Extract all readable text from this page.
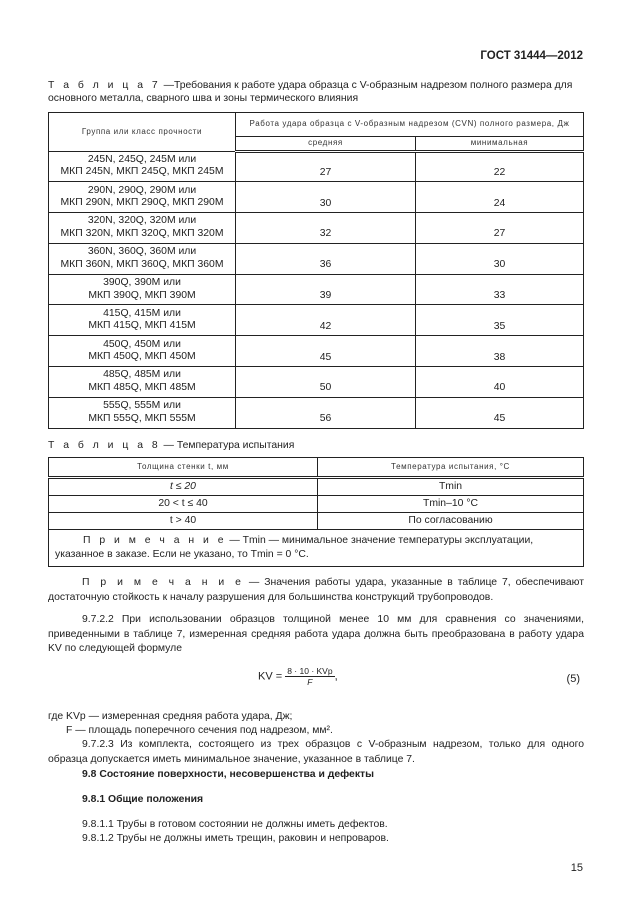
ГОСТ 31444—2012
Т а б л и ц а 7 —Требования к работе удара образца с V-образным надрезом полного размера для основного металла, сварного шва и зоны термического влияния
Группа или класс прочности	Работа удара образца с V-образным надрезом (CVN) полного размера, Дж	
	средняя	минимальная

245N, 245Q, 245M или
МКП 245N, МКП 245Q, МКП 245M	27	22

290N, 290Q, 290M или
МКП 290N, МКП 290Q, МКП 290M	30	24

320N, 320Q, 320M или
МКП 320N, МКП 320Q, МКП 320M	32	27

360N, 360Q, 360M или
МКП 360N, МКП 360Q, МКП 360M	36	30

390Q, 390M или
МКП 390Q, МКП 390M	39	33

415Q, 415M или
МКП 415Q, МКП 415M	42	35

450Q, 450M или
МКП 450Q, МКП 450M	45	38

485Q, 485M или
МКП 485Q, МКП 485M	50	40

555Q, 555M или
МКП 555Q, МКП 555M	56	45
Т а б л и ц а 8 — Температура испытания
Толщина стенки t, мм	Температура испытания, °С
t ≤ 20	Tmin
20 < t ≤ 40	Tmin–10 °С
t > 40	По согласованию
П р и м е ч а н и е — Tmin — минимальное значение температуры эксплуатации, указанное в заказе. Если не указано, то Tmin = 0 °С.	
П р и м е ч а н и е — Значения работы удара, указанные в таблице 7, обеспечивают достаточную стойкость к началу разрушения для большинства конструкций трубопроводов.

9.7.2.2 При использовании образцов толщиной менее 10 мм для сравнения со значениями, приведенными в таблице 7, измеренная средняя работа удара должна быть преобразована в работу удара KV по следующей формуле

KV = $\frac{\text{8 · 10 · KVp}}{F}$ ,	(5)

где KVp — измеренная средняя работа удара, Дж;

F — площадь поперечного сечения под надрезом, мм².

9.7.2.3 Из комплекта, состоящего из трех образцов с V-образным надрезом, только для одного образца допускается иметь минимальное значение, указанное в таблице 7.

9.8 Состояние поверхности, несовершенства и дефекты

9.8.1 Общие положения

9.8.1.1 Трубы в готовом состоянии не должны иметь дефектов.

9.8.1.2 Трубы не должны иметь трещин, раковин и непроваров.

15
